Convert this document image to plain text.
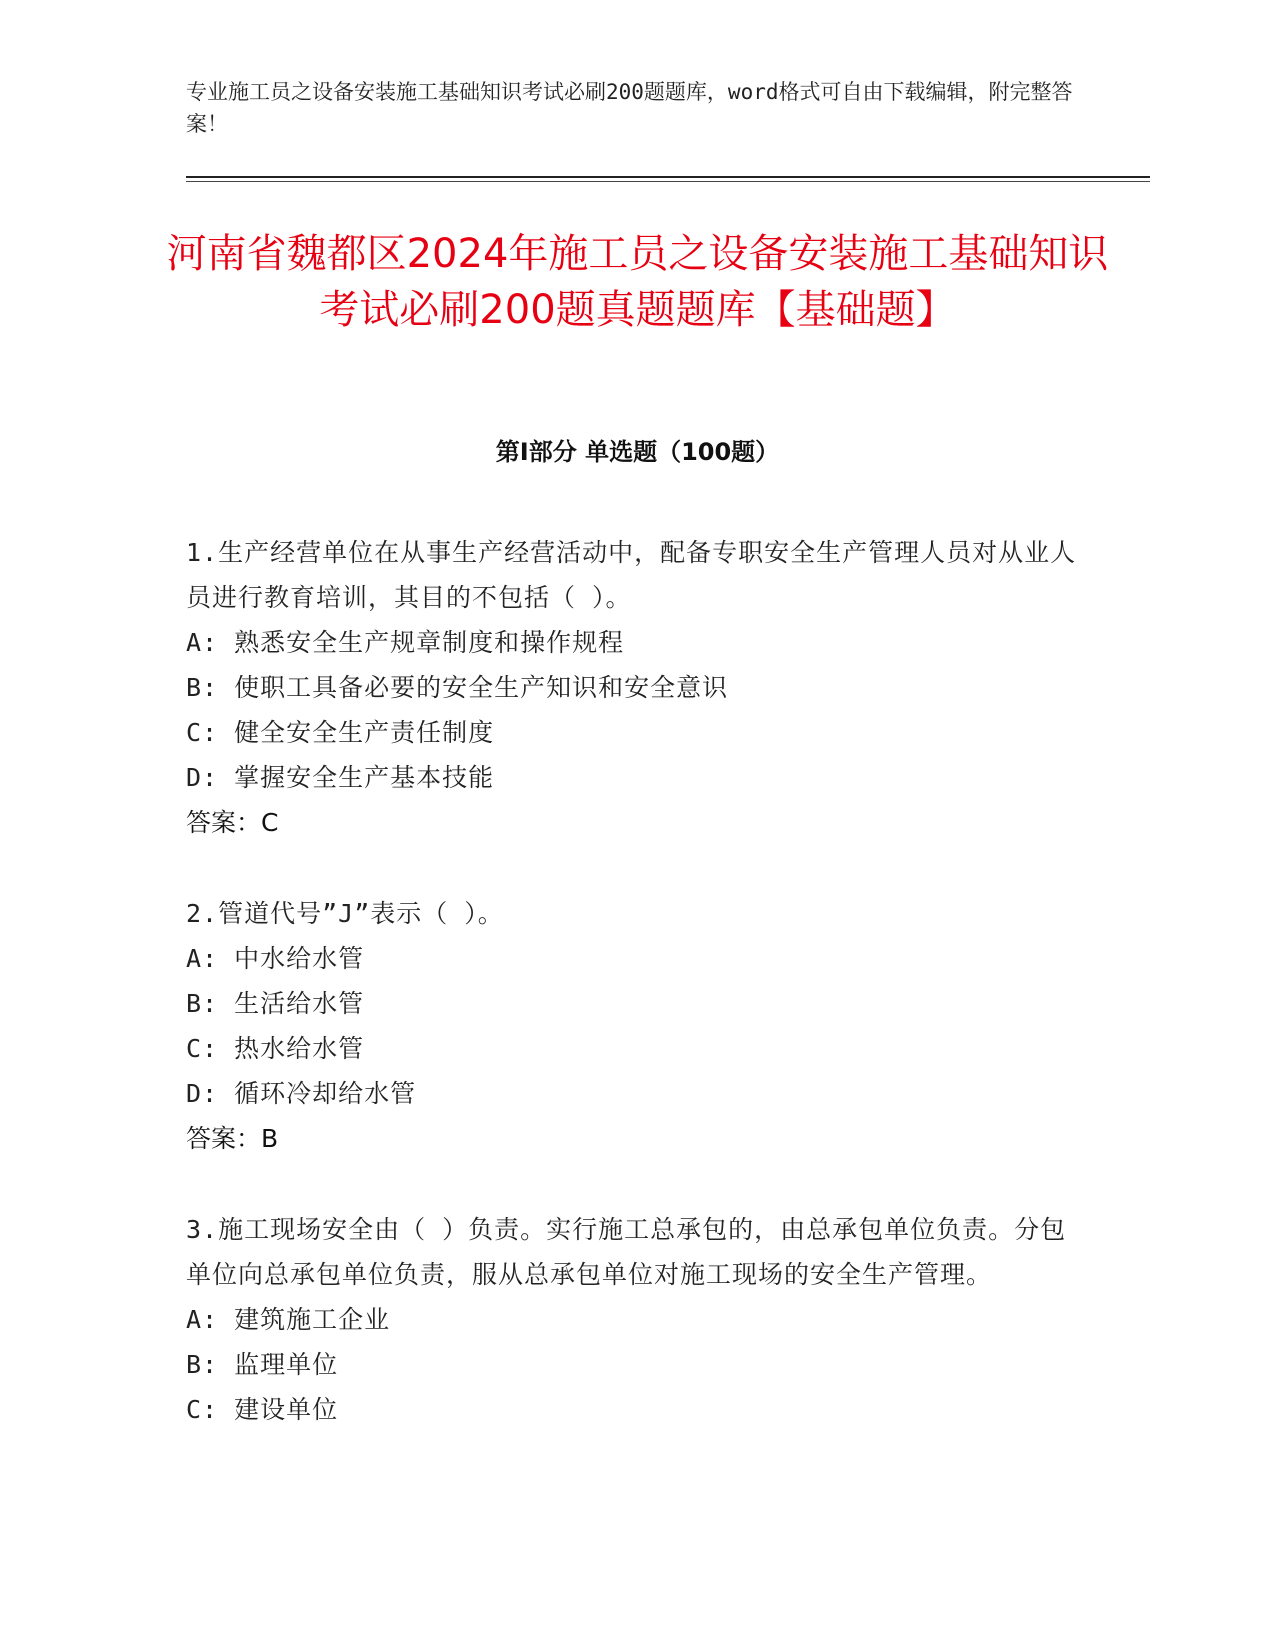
专业施工员之设备安装施工基础知识考试必刷200题题库，word格式可自由下载编辑，附完整答案！
河南省魏都区2024年施工员之设备安装施工基础知识考试必刷200题真题题库【基础题】
第I部分 单选题（100题）
1.生产经营单位在从事生产经营活动中，配备专职安全生产管理人员对从业人员进行教育培训，其目的不包括（ ）。
A: 熟悉安全生产规章制度和操作规程
B: 使职工具备必要的安全生产知识和安全意识
C: 健全安全生产责任制度
D: 掌握安全生产基本技能
答案：C
2.管道代号”J”表示（ ）。
A: 中水给水管
B: 生活给水管
C: 热水给水管
D: 循环冷却给水管
答案：B
3.施工现场安全由（ ）负责。实行施工总承包的，由总承包单位负责。分包单位向总承包单位负责，服从总承包单位对施工现场的安全生产管理。
A: 建筑施工企业
B: 监理单位
C: 建设单位
